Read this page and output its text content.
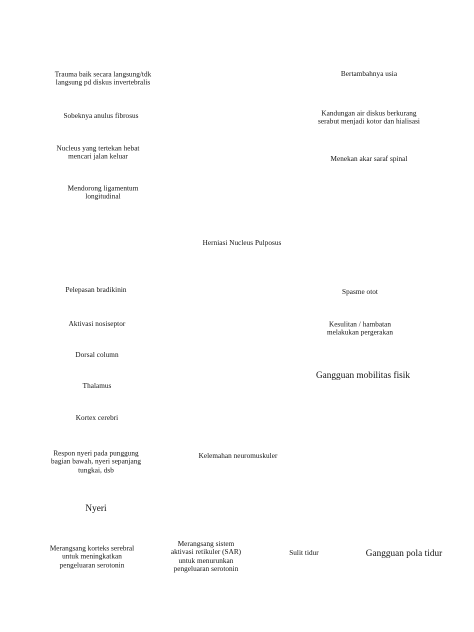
Trauma baik secara langsung/tdk
langsung pd diskus invertebralis
Bertambahnya usia
Sobeknya anulus fibrosus	Kandungan air diskus berkurang
serabut menjadi kotor dan hialisasi
Nucleus yang tertekan hebat
mencari jalan keluar	Menekan akar saraf spinal
Mendorong ligamentum
longitudinal
Herniasi Nucleus Pulposus
Pelepasan bradikinin	Spasme otot
Aktivasi nosiseptor	Kesulitan / hambatan
melakukan pergerakan
Dorsal column
Gangguan mobilitas fisik
Thalamus
Kortex cerebri
Respon nyeri pada punggung
bagian bawah, nyeri sepanjang
tungkai, dsb
Kelemahan neuromuskuler
Nyeri
Merangsang korteks serebral
untuk meningkatkan
pengeluaran serotonin
Merangsang sistem
aktivasi retikuler (SAR)
untuk menurunkan
pengeluaran serotonin
Sulit tidur	Gangguan pola tidur
